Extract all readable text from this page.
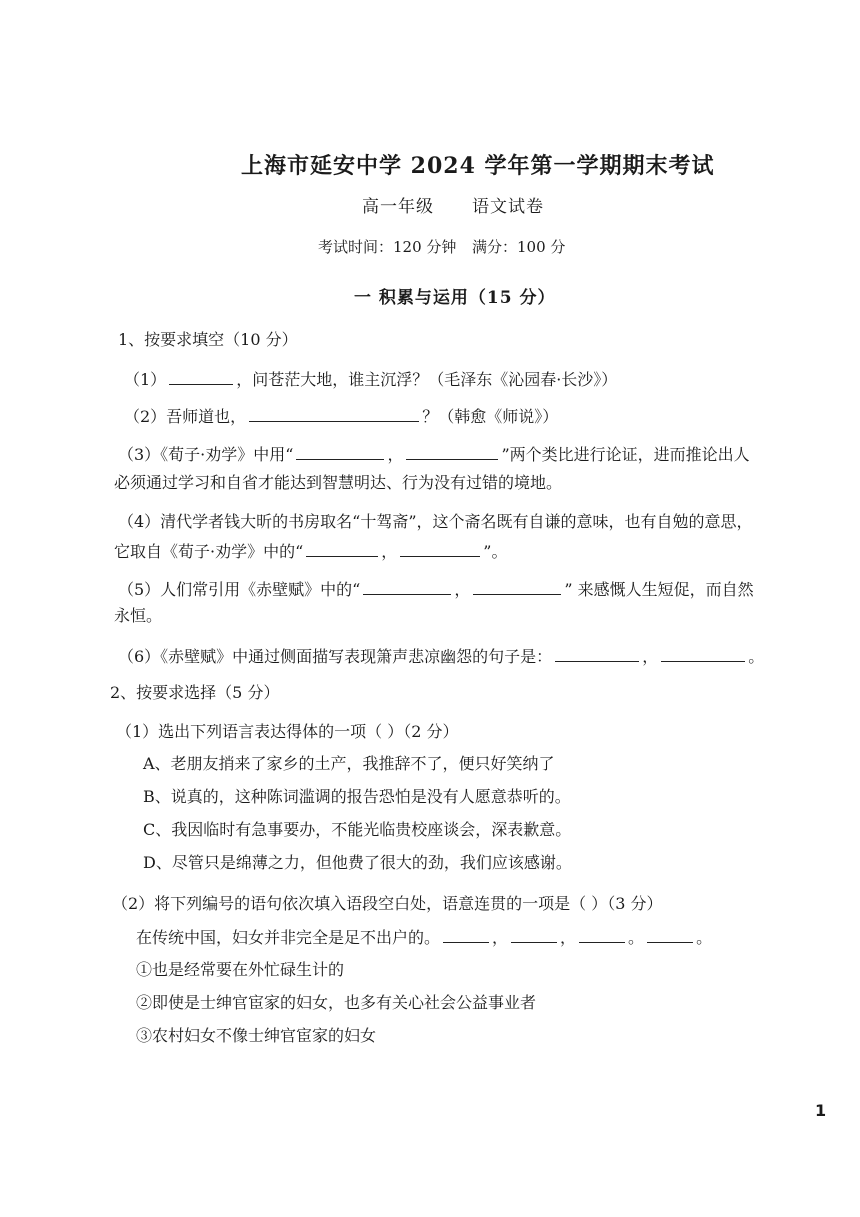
上海市延安中学 2024 学年第一学期期末考试
高一年级 语文试卷
考试时间：120 分钟 满分：100 分
一 积累与运用（15 分）
1、按要求填空（10 分）
（1）	，问苍茫大地，谁主沉浮？（毛泽东《沁园春·长沙》）
（2）吾师道也，	？（韩愈《师说》）
（3）《荀子·劝学》中用“	，	”两个类比进行论证，进而推论出人
必须通过学习和自省才能达到智慧明达、行为没有过错的境地。
（4）清代学者钱大昕的书房取名“十驾斋”，这个斋名既有自谦的意味，也有自勉的意思，
它取自《荀子·劝学》中的“	，	”。
（5）人们常引用《赤壁赋》中的“	，	” 来感慨人生短促，而自然
永恒。
（6）《赤壁赋》中通过侧面描写表现箫声悲凉幽怨的句子是：	，	。
2、按要求选择（5 分）
（1）选出下列语言表达得体的一项（ ）（2 分）
A、老朋友捎来了家乡的土产，我推辞不了，便只好笑纳了
B、说真的，这种陈词滥调的报告恐怕是没有人愿意恭听的。
C、我因临时有急事要办，不能光临贵校座谈会，深表歉意。
D、尽管只是绵薄之力，但他费了很大的劲，我们应该感谢。
（2）将下列编号的语句依次填入语段空白处，语意连贯的一项是（ ）（3 分）
在传统中国，妇女并非完全是足不出户的。	，	，	。	。
①也是经常要在外忙碌生计的
②即使是士绅官宦家的妇女，也多有关心社会公益事业者
③农村妇女不像士绅官宦家的妇女
1
